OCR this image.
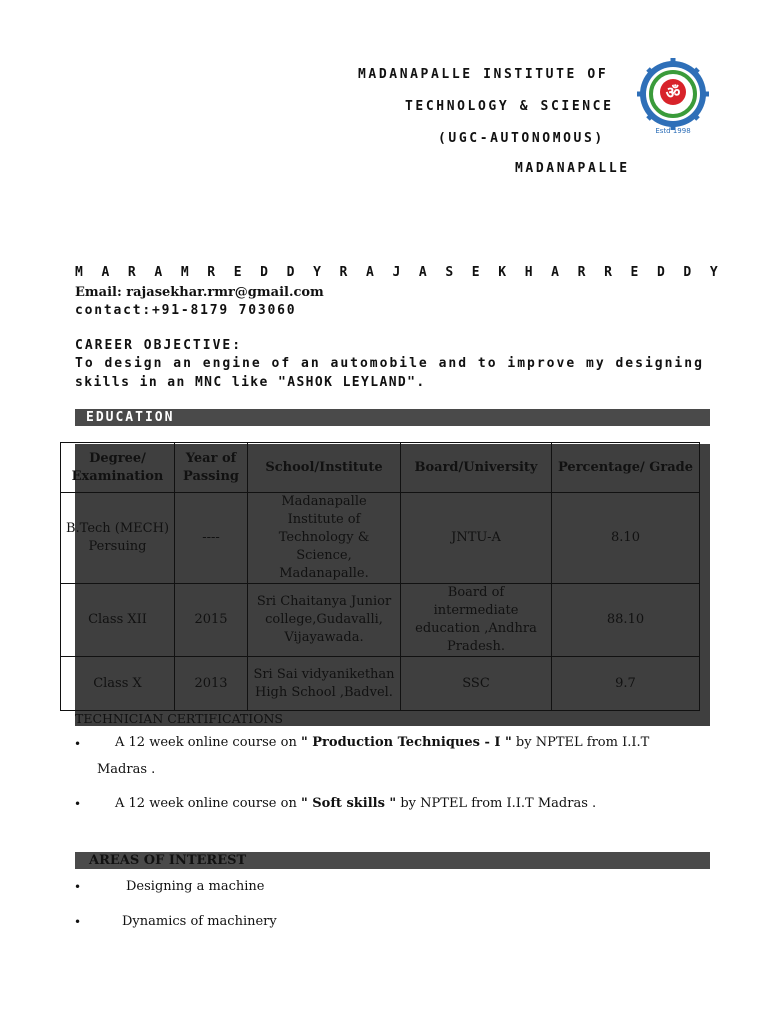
MADANAPALLE INSTITUTE OF
TECHNOLOGY & SCIENCE
(UGC-AUTONOMOUS)
MADANAPALLE
ॐ
Estd 1998
M A R A M R E D D Y R A J A S E K H A R R E D D Y
Email: rajasekhar.rmr@gmail.com
contact:+91-8179 703060
CAREER OBJECTIVE:
To design an engine of an automobile and to improve my designing
skills in an MNC like "ASHOK LEYLAND".
EDUCATION
Degree/ Examination	Year of Passing	School/Institute	Board/University	Percentage/ Grade
B.Tech (MECH) Persuing	----	Madanapalle Institute of Technology & Science, Madanapalle.	JNTU-A	8.10
Class XII	2015	Sri Chaitanya Junior college,Gudavalli, Vijayawada.	Board of intermediate education ,Andhra Pradesh.	88.10
Class X	2013	Sri Sai vidyanikethan High School ,Badvel.	SSC	9.7
TECHNICIAN CERTIFICATIONS
•	A 12 week online course on " Production Techniques - I " by NPTEL from I.I.T
Madras .
•	A 12 week online course on " Soft skills " by NPTEL from I.I.T Madras .
AREAS OF INTEREST
•	Designing a machine
•	Dynamics of machinery
